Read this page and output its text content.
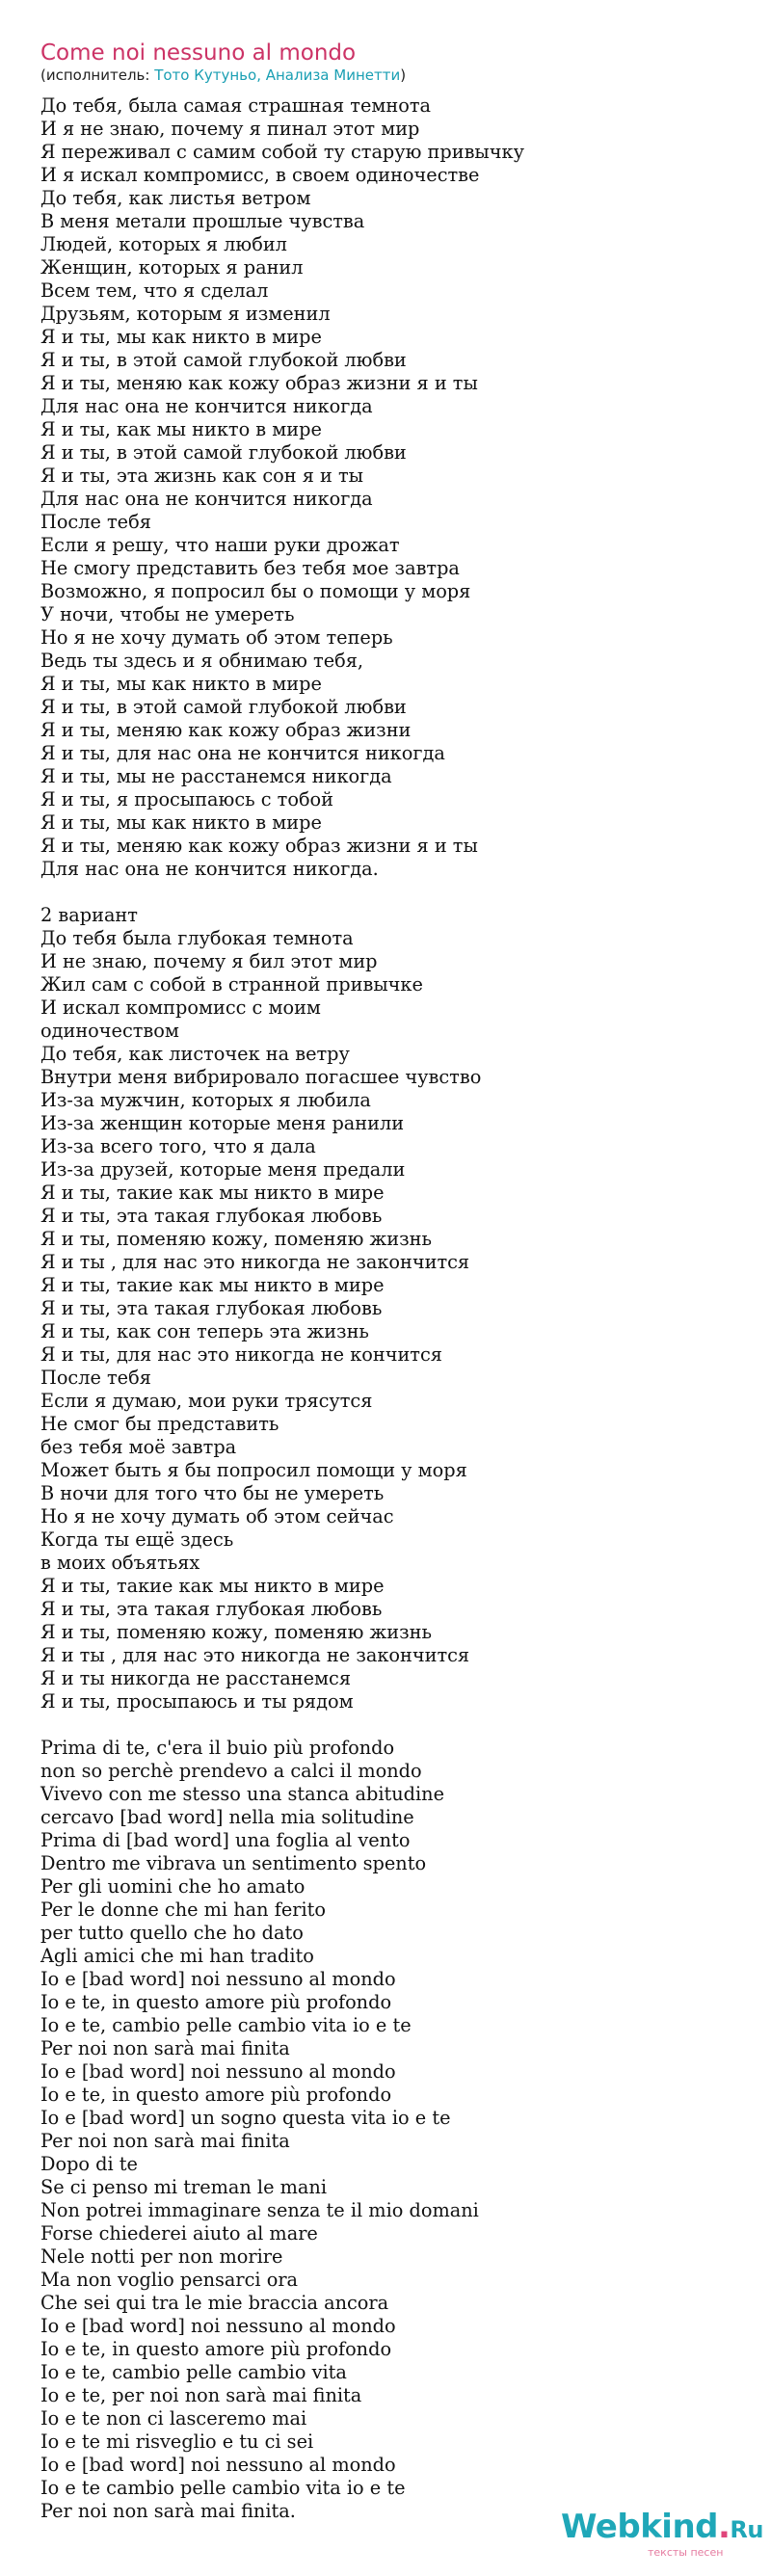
Come noi nessuno al mondo
(исполнитель: Тото Кутуньо, Анализа Минетти)
До тебя, была самая страшная темнота
И я не знаю, почему я пинал этот мир
Я переживал с самим собой ту старую привычку
И я искал компромисс, в своем одиночестве
До тебя, как листья ветром
В меня метали прошлые чувства
Людей, которых я любил
Женщин, которых я ранил
Всем тем, что я сделал
Друзьям, которым я изменил
Я и ты, мы как никто в мире
Я и ты, в этой самой глубокой любви
Я и ты, меняю как кожу образ жизни я и ты
Для нас она не кончится никогда
Я и ты, как мы никто в мире
Я и ты, в этой самой глубокой любви
Я и ты, эта жизнь как сон я и ты
Для нас она не кончится никогда
После тебя
Если я решу, что наши руки дрожат
Не смогу представить без тебя мое завтра
Возможно, я попросил бы о помощи у моря
У ночи, чтобы не умереть
Но я не хочу думать об этом теперь
Ведь ты здесь и я обнимаю тебя,
Я и ты, мы как никто в мире
Я и ты, в этой самой глубокой любви
Я и ты, меняю как кожу образ жизни
Я и ты, для нас она не кончится никогда
Я и ты, мы не расстанемся никогда
Я и ты, я просыпаюсь с тобой
Я и ты, мы как никто в мире
Я и ты, меняю как кожу образ жизни я и ты
Для нас она не кончится никогда.
2 вариант
До тебя была глубокая темнота
И не знаю, почему я бил этот мир
Жил сам с собой в странной привычке
И искал компромисс с моим
одиночеством
До тебя, как листочек на ветру
Внутри меня вибрировало погасшее чувство
Из-за мужчин, которых я любила
Из-за женщин которые меня ранили
Из-за всего того, что я дала
Из-за друзей, которые меня предали
Я и ты, такие как мы никто в мире
Я и ты, эта такая глубокая любовь
Я и ты, поменяю кожу, поменяю жизнь
Я и ты , для нас это никогда не закончится
Я и ты, такие как мы никто в мире
Я и ты, эта такая глубокая любовь
Я и ты, как сон теперь эта жизнь
Я и ты, для нас это никогда не кончится
После тебя
Если я думаю, мои руки трясутся
Не смог бы представить
без тебя моё завтра
Может быть я бы попросил помощи у моря
В ночи для того что бы не умереть
Но я не хочу думать об этом сейчас
Когда ты ещё здесь
в моих объятьях
Я и ты, такие как мы никто в мире
Я и ты, эта такая глубокая любовь
Я и ты, поменяю кожу, поменяю жизнь
Я и ты , для нас это никогда не закончится
Я и ты никогда не расстанемся
Я и ты, просыпаюсь и ты рядом
Prima di te, c'era il buio più profondo
non so perchè prendevo a calci il mondo
Vivevo con me stesso una stanca abitudine
cercavo [bad word] nella mia solitudine
Prima di [bad word] una foglia al vento
Dentro me vibrava un sentimento spento
Per gli uomini che ho amato
Per le donne che mi han ferito
per tutto quello che ho dato
Agli amici che mi han tradito
Io e [bad word] noi nessuno al mondo
Io e te, in questo amore più profondo
Io e te, cambio pelle cambio vita io e te
Per noi non sarà mai finita
Io e [bad word] noi nessuno al mondo
Io e te, in questo amore più profondo
Io e [bad word] un sogno questa vita io e te
Per noi non sarà mai finita
Dopo di te
Se ci penso mi treman le mani
Non potrei immaginare senza te il mio domani
Forse chiederei aiuto al mare
Nele notti per non morire
Ma non voglio pensarci ora
Che sei qui tra le mie braccia ancora
Io e [bad word] noi nessuno al mondo
Io e te, in questo amore più profondo
Io e te, cambio pelle cambio vita
Io e te, per noi non sarà mai finita
Io e te non ci lasceremo mai
Io e te mi risveglio e tu ci sei
Io e [bad word] noi nessuno al mondo
Io e te cambio pelle cambio vita io e te
Per noi non sarà mai finita.	Webkind.Ru
тексты песен
